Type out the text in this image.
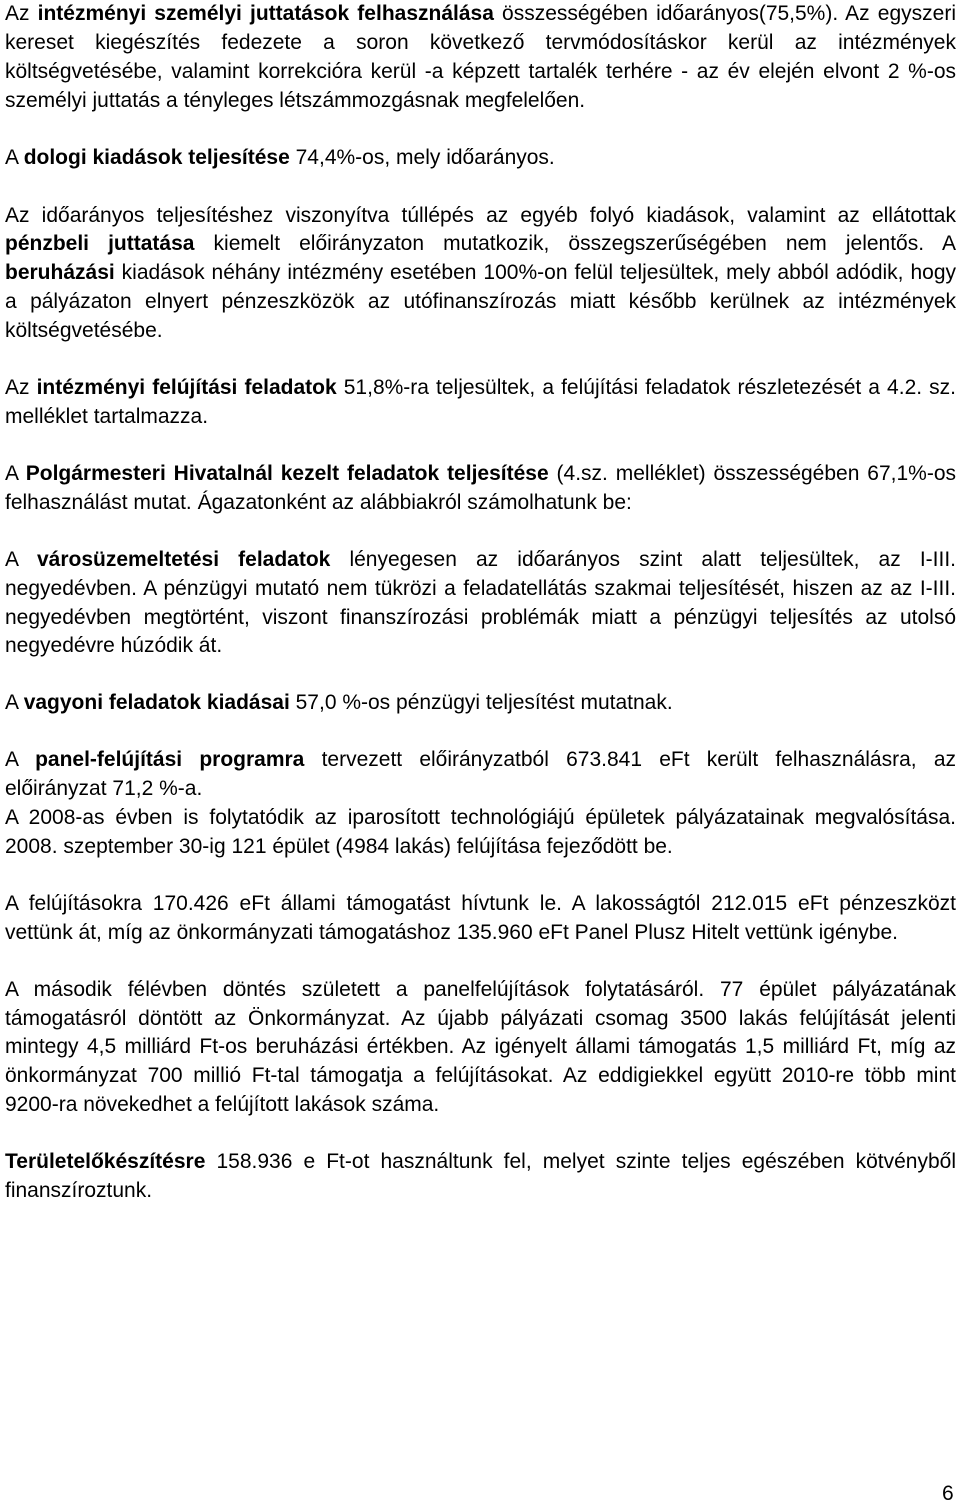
Az intézményi személyi juttatások felhasználása összességében időarányos(75,5%). Az egyszeri kereset kiegészítés fedezete a soron következő tervmódosításkor kerül az intézmények költségvetésébe, valamint korrekcióra kerül -a képzett tartalék terhére - az év elején elvont 2 %-os személyi juttatás a tényleges létszámmozgásnak megfelelően.

A dologi kiadások teljesítése 74,4%-os, mely időarányos.

Az időarányos teljesítéshez viszonyítva túllépés az egyéb folyó kiadások, valamint az ellátottak pénzbeli juttatása kiemelt előirányzaton mutatkozik, összegszerűségében nem jelentős. A beruházási kiadások néhány intézmény esetében 100%-on felül teljesültek, mely abból adódik, hogy a pályázaton elnyert pénzeszközök az utófinanszírozás miatt később kerülnek az intézmények költségvetésébe.

Az intézményi felújítási feladatok 51,8%-ra teljesültek, a felújítási feladatok részletezését a 4.2. sz. melléklet tartalmazza.

A Polgármesteri Hivatalnál kezelt feladatok teljesítése (4.sz. melléklet) összességében 67,1%-os felhasználást mutat. Ágazatonként az alábbiakról számolhatunk be:

A városüzemeltetési feladatok lényegesen az időarányos szint alatt teljesültek, az I-III. negyedévben. A pénzügyi mutató nem tükrözi a feladatellátás szakmai teljesítését, hiszen az az I-III. negyedévben megtörtént, viszont finanszírozási problémák miatt a pénzügyi teljesítés az utolsó negyedévre húzódik át.

A vagyoni feladatok kiadásai 57,0 %-os pénzügyi teljesítést mutatnak.

A panel-felújítási programra tervezett előirányzatból 673.841 eFt került felhasználásra, az előirányzat 71,2 %-a.

A 2008-as évben is folytatódik az iparosított technológiájú épületek pályázatainak megvalósítása. 2008. szeptember 30-ig 121 épület (4984 lakás) felújítása fejeződött be.

A felújításokra 170.426 eFt állami támogatást hívtunk le. A lakosságtól 212.015 eFt pénzeszközt vettünk át, míg az önkormányzati támogatáshoz 135.960 eFt Panel Plusz Hitelt vettünk igénybe.

A második félévben döntés született a panelfelújítások folytatásáról. 77 épület pályázatának támogatásról döntött az Önkormányzat. Az újabb pályázati csomag 3500 lakás felújítását jelenti mintegy 4,5 milliárd Ft-os beruházási értékben. Az igényelt állami támogatás 1,5 milliárd Ft, míg az önkormányzat 700 millió Ft-tal támogatja a felújításokat. Az eddigiekkel együtt 2010-re több mint 9200-ra növekedhet a felújított lakások száma.

Területelőkészítésre 158.936 e Ft-ot használtunk fel, melyet szinte teljes egészében kötvényből finanszíroztunk.

6
